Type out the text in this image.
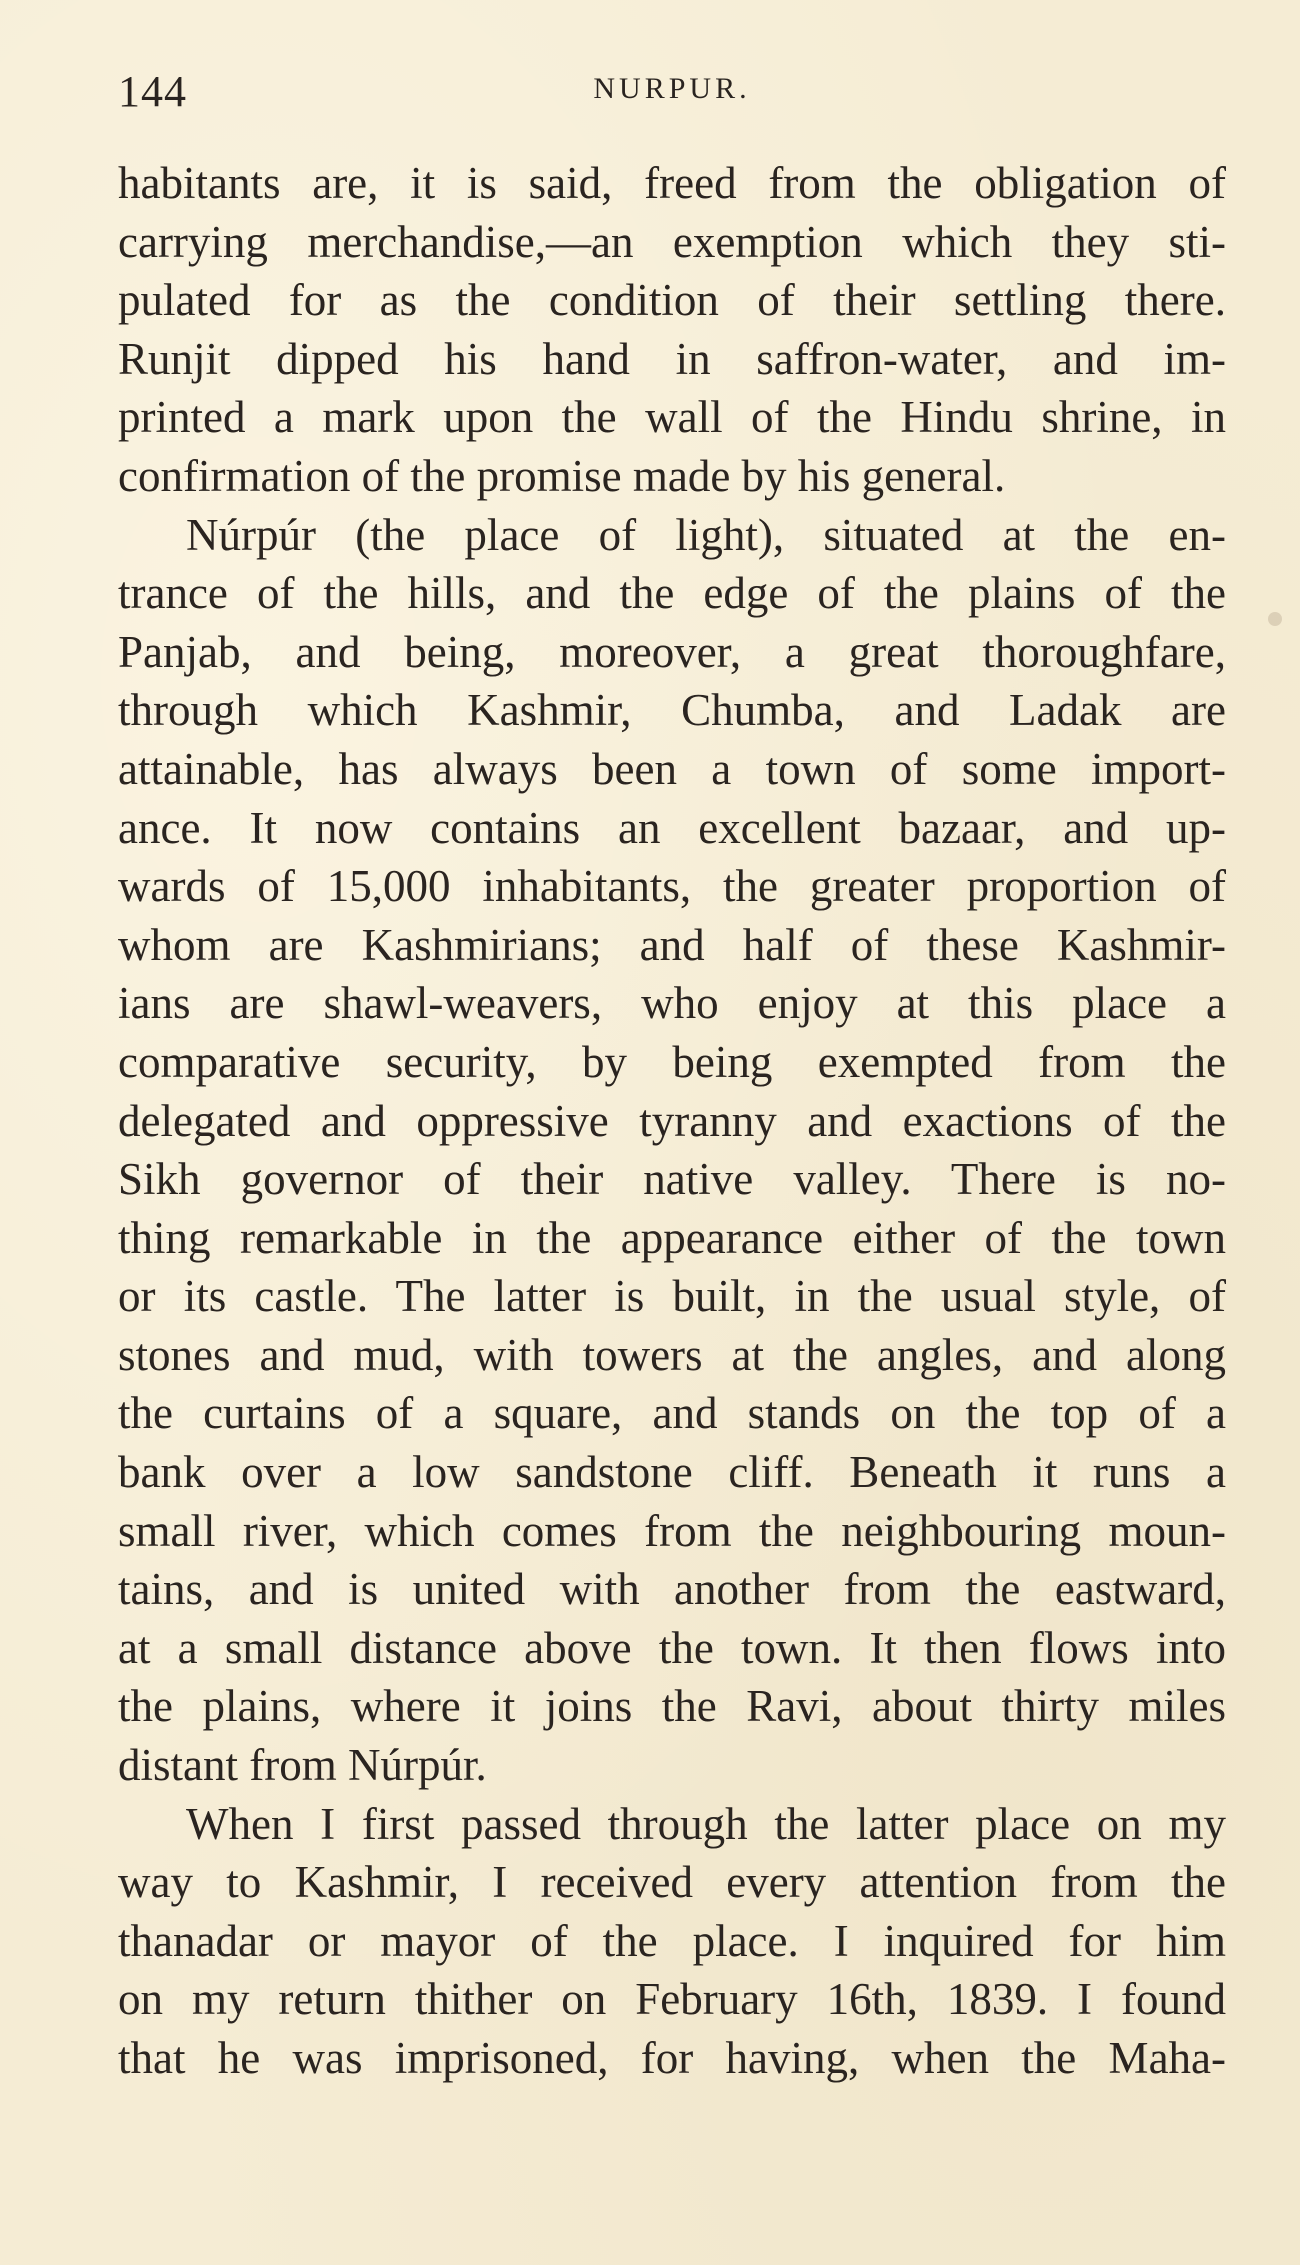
144	NURPUR.
habitants are, it is said, freed from the obligation of
carrying merchandise,—an exemption which they sti-
pulated for as the condition of their settling there.
Runjit dipped his hand in saffron-water, and im-
printed a mark upon the wall of the Hindu shrine, in
confirmation of the promise made by his general.
Núrpúr (the place of light), situated at the en-
trance of the hills, and the edge of the plains of the
Panjab, and being, moreover, a great thoroughfare,
through which Kashmir, Chumba, and Ladak are
attainable, has always been a town of some import-
ance. It now contains an excellent bazaar, and up-
wards of 15,000 inhabitants, the greater proportion of
whom are Kashmirians; and half of these Kashmir-
ians are shawl-weavers, who enjoy at this place a
comparative security, by being exempted from the
delegated and oppressive tyranny and exactions of the
Sikh governor of their native valley. There is no-
thing remarkable in the appearance either of the town
or its castle. The latter is built, in the usual style, of
stones and mud, with towers at the angles, and along
the curtains of a square, and stands on the top of a
bank over a low sandstone cliff. Beneath it runs a
small river, which comes from the neighbouring moun-
tains, and is united with another from the eastward,
at a small distance above the town. It then flows into
the plains, where it joins the Ravi, about thirty miles
distant from Núrpúr.
When I first passed through the latter place on my
way to Kashmir, I received every attention from the
thanadar or mayor of the place. I inquired for him
on my return thither on February 16th, 1839. I found
that he was imprisoned, for having, when the Maha-
